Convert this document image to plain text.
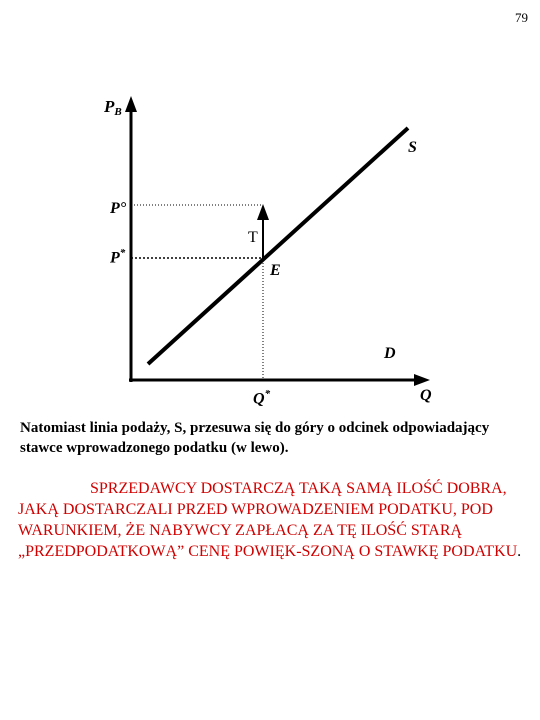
79
PB
S
P°
T
P*
E
D
Q*	Q

Natomiast linia podaży, S, przesuwa się do góry o odcinek odpowiadający stawce wprowadzonego podatku (w lewo).

SPRZEDAWCY DOSTARCZĄ TAKĄ SAMĄ ILOŚĆ DOBRA, JAKĄ DOSTARCZALI PRZED WPROWADZENIEM PODATKU, POD WARUNKIEM, ŻE NABYWCY ZAPŁACĄ ZA TĘ ILOŚĆ STARĄ „PRZEDPODATKOWĄ” CENĘ POWIĘK-SZONĄ O STAWKĘ PODATKU.
